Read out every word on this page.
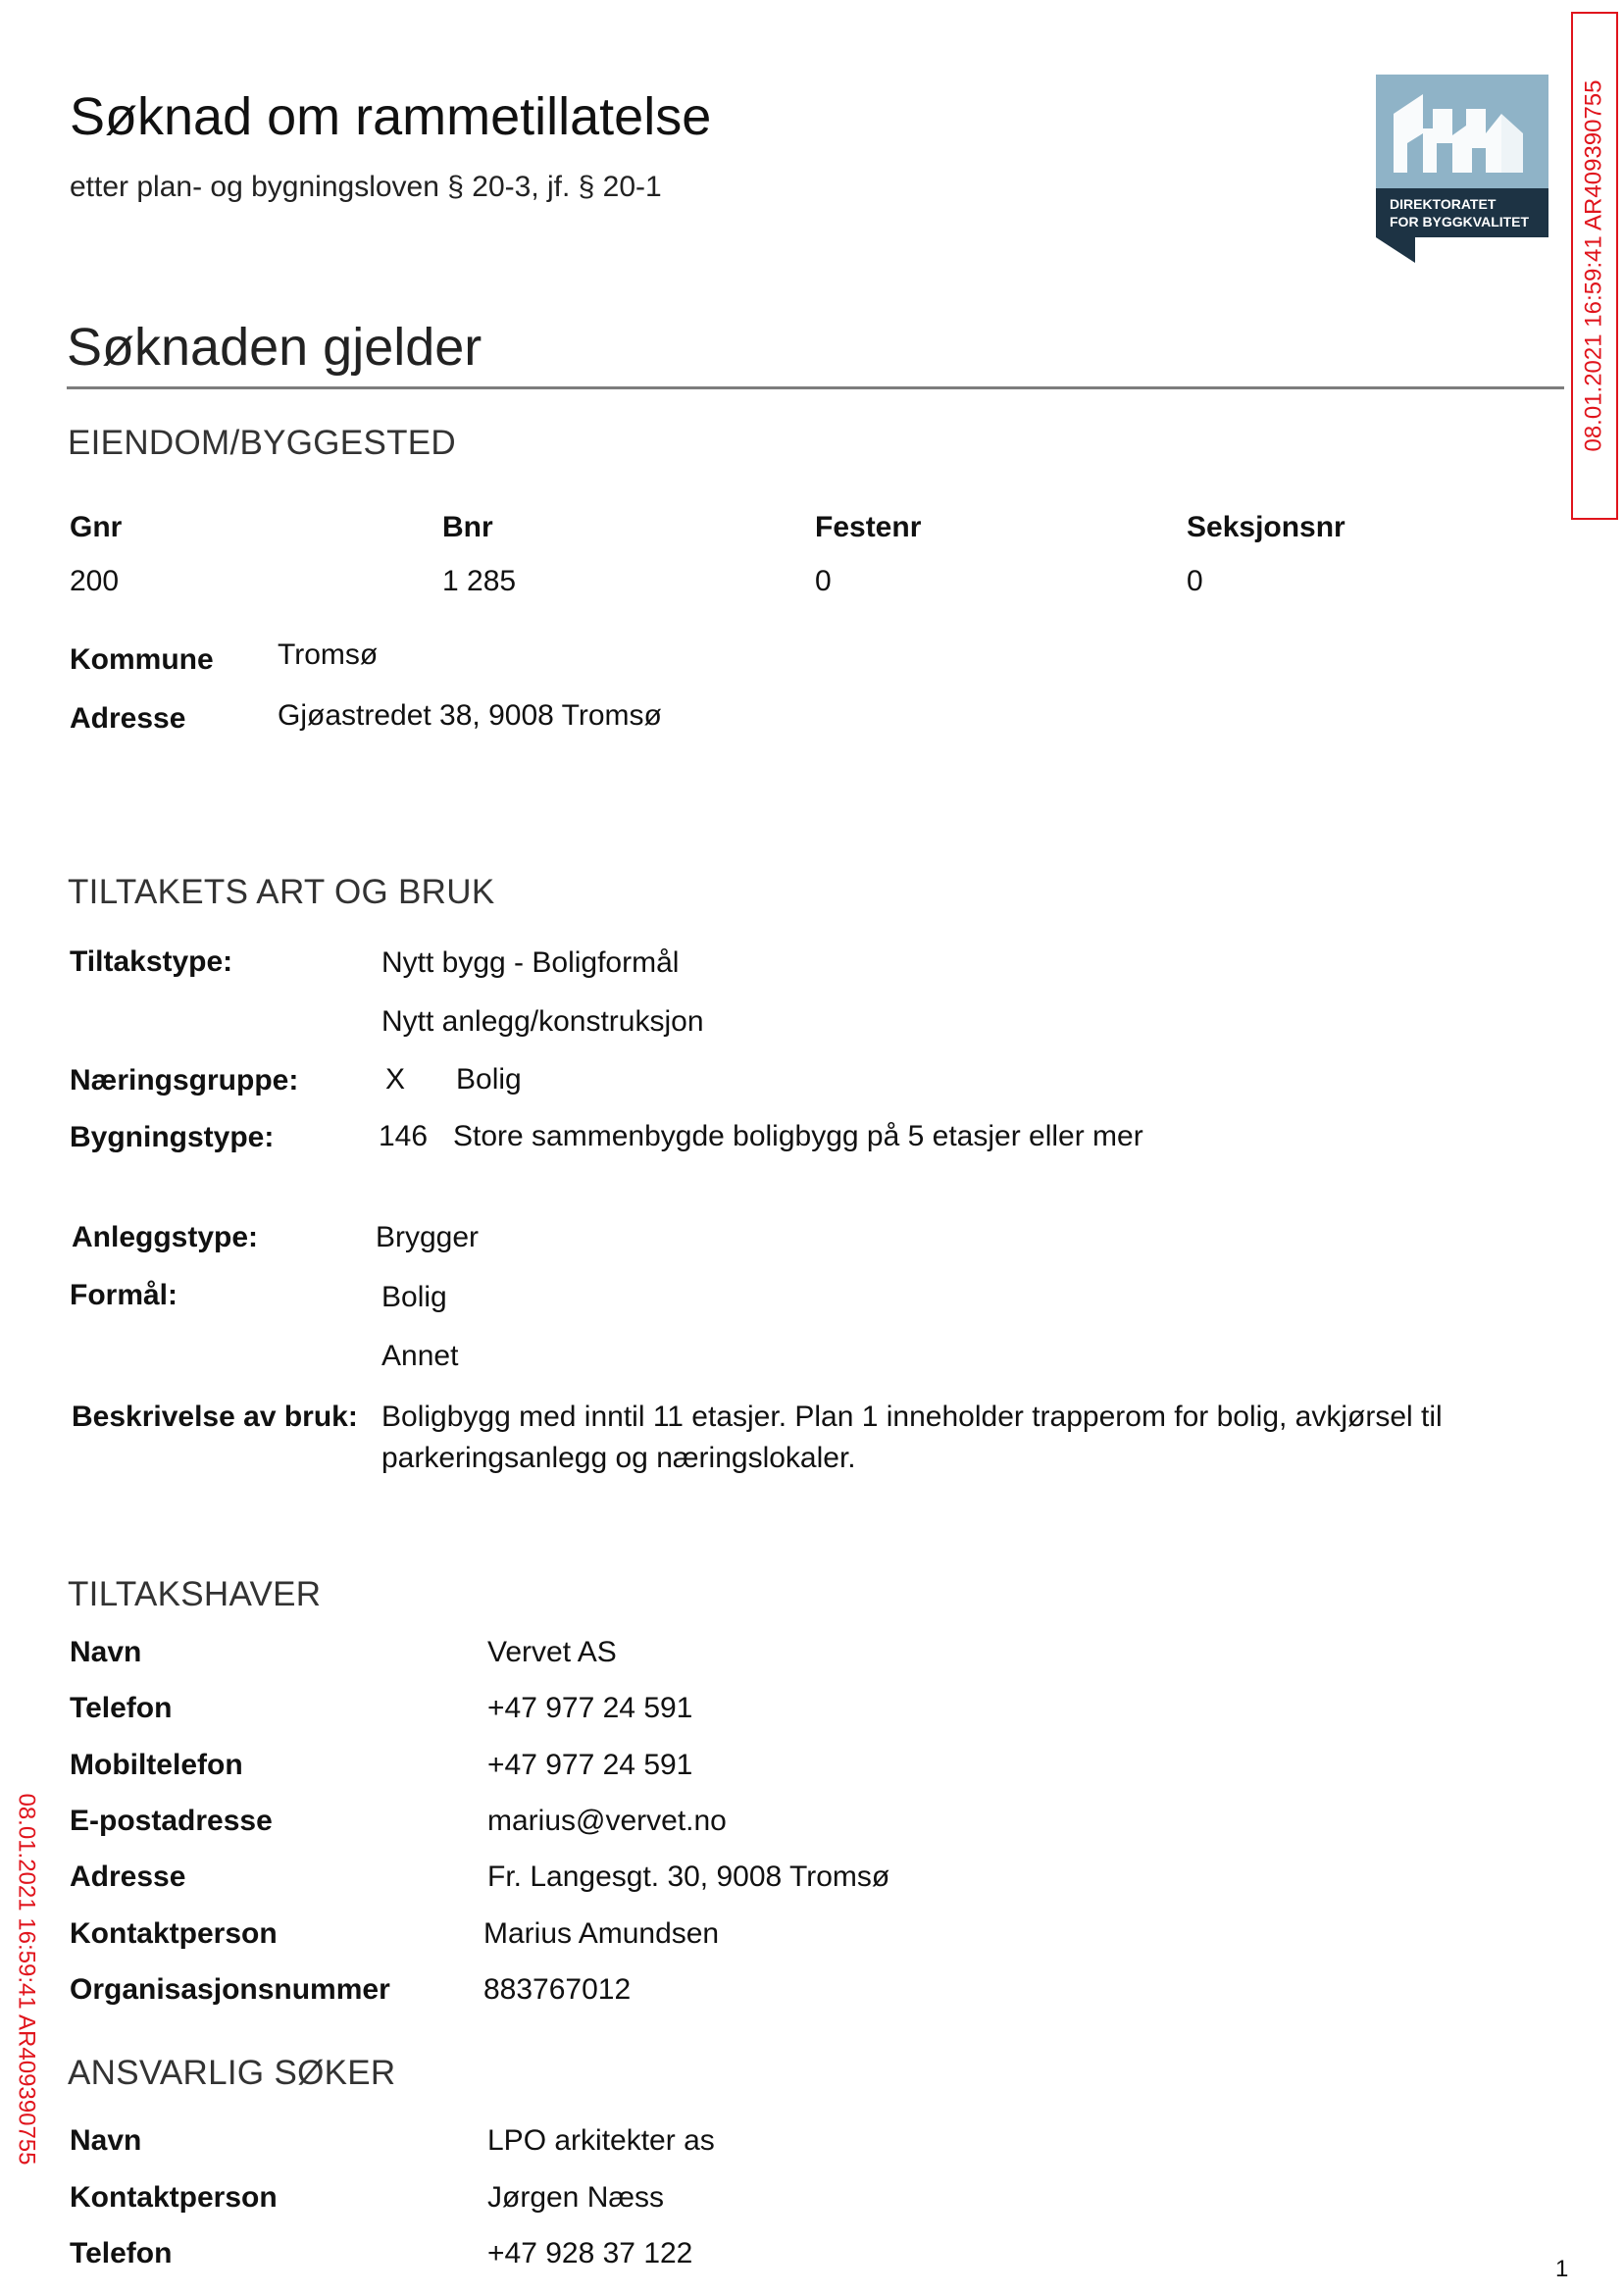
Søknad om rammetillatelse
etter plan- og bygningsloven § 20-3, jf. § 20-1
DIREKTORATET
FOR BYGGKVALITET 08.01.2021 16:59:41 AR409390755
08.01.2021 16:59:41 AR409390755
Søknaden gjelder
EIENDOM/BYGGESTED
Gnr	Bnr	Festenr	Seksjonsnr
200	1 285	0	0
Kommune Tromsø
Adresse	Gjøastredet 38, 9008 Tromsø
TILTAKETS ART OG BRUK
Tiltakstype:	Nytt bygg - Boligformål
Nytt anlegg/konstruksjon
Næringsgruppe:	X Bolig
Bygningstype:	146 Store sammenbygde boligbygg på 5 etasjer eller mer
Anleggstype:	Brygger
Formål:	Bolig
Annet
Beskrivelse av bruk: Boligbygg med inntil 11 etasjer. Plan 1 inneholder trapperom for bolig, avkjørsel til
parkeringsanlegg og næringslokaler.
TILTAKSHAVER
Navn	Vervet AS
Telefon	+47 977 24 591
Mobiltelefon	+47 977 24 591
E-postadresse	marius@vervet.no
Adresse	Fr. Langesgt. 30, 9008 Tromsø
Kontaktperson	Marius Amundsen
Organisasjonsnummer	883767012
ANSVARLIG SØKER
Navn	LPO arkitekter as
Kontaktperson	Jørgen Næss
Telefon	+47 928 37 122	1
